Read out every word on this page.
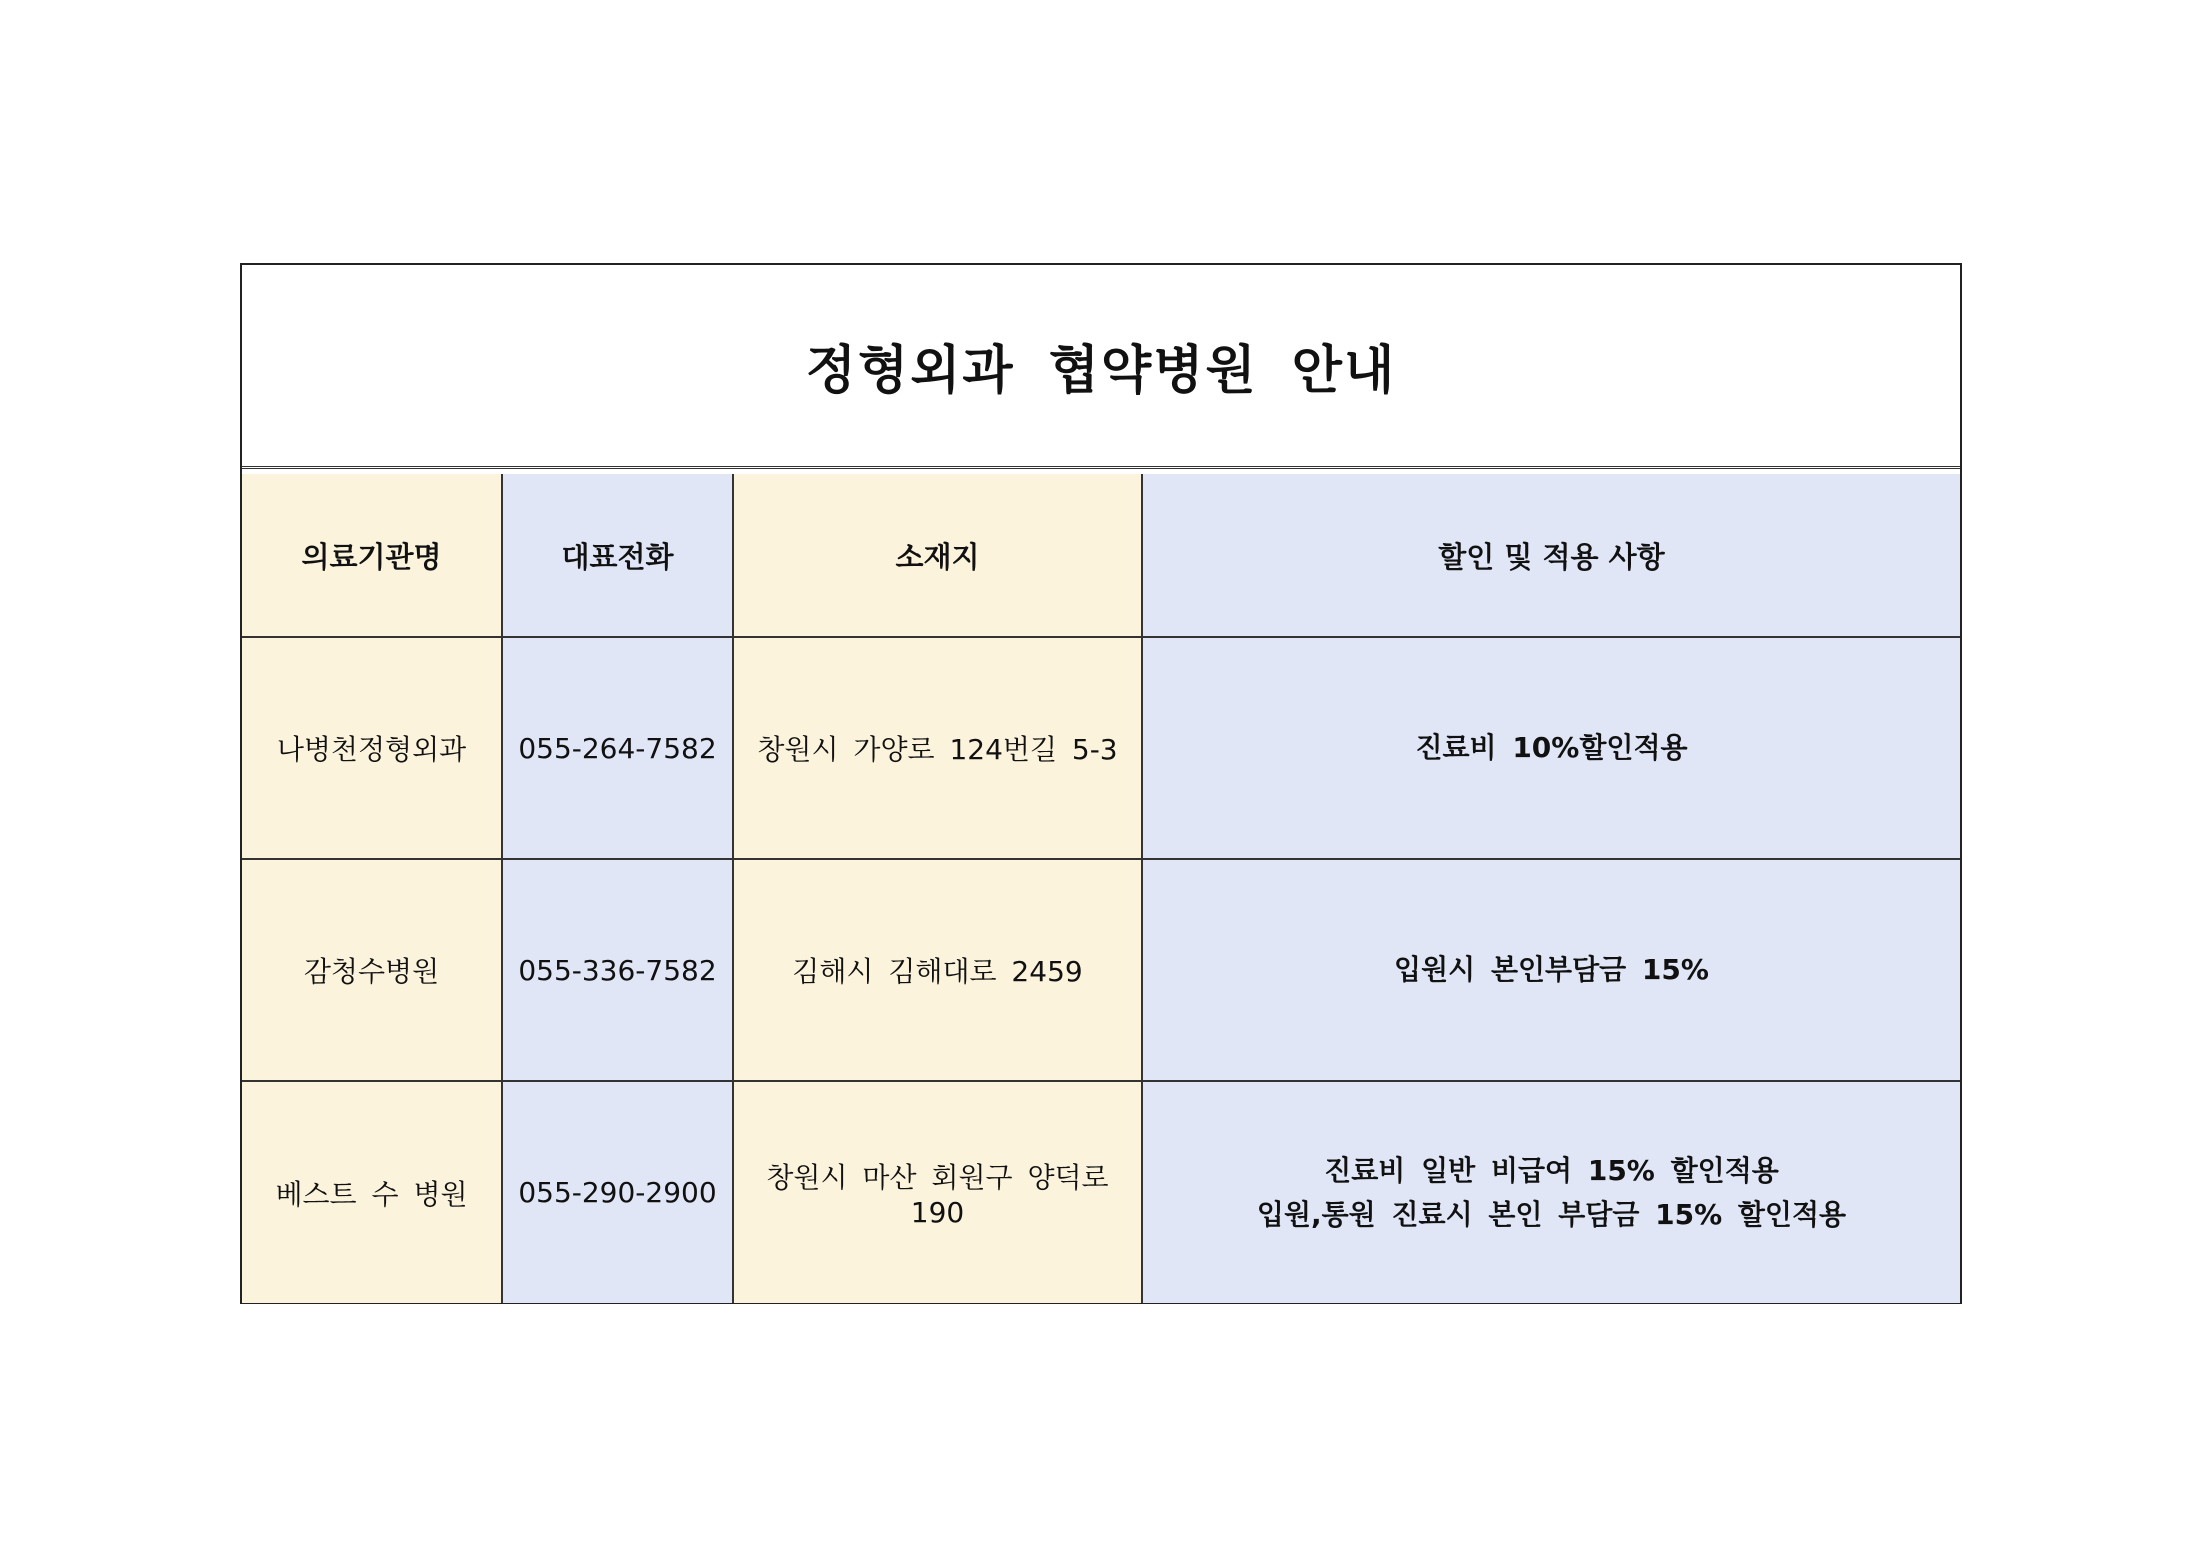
정형외과 협약병원 안내
의료기관명	대표전화	소재지	할인 및 적용 사항
나병천정형외과	055-264-7582	창원시 가양로 124번길 5-3	진료비 10%할인적용

감청수병원	055-336-7582	김해시 김해대로 2459	입원시 본인부담금 15%

베스트 수 병원	055-290-2900	창원시 마산 회원구 양덕로 190	진료비 일반 비급여 15% 할인적용
입원,통원 진료시 본인 부담금 15% 할인적용
